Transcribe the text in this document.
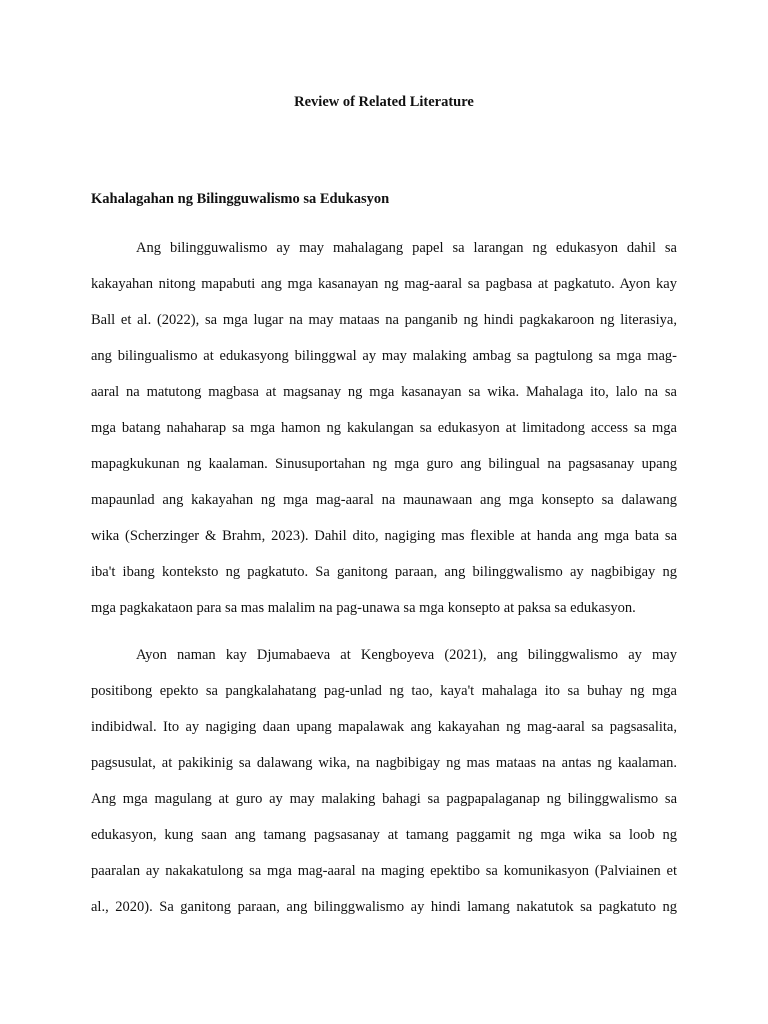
Review of Related Literature
Kahalagahan ng Bilingguwalismo sa Edukasyon
Ang bilingguwalismo ay may mahalagang papel sa larangan ng edukasyon dahil sa
kakayahan nitong mapabuti ang mga kasanayan ng mag-aaral sa pagbasa at pagkatuto. Ayon kay
Ball et al. (2022), sa mga lugar na may mataas na panganib ng hindi pagkakaroon ng literasiya,
ang bilingualismo at edukasyong bilinggwal ay may malaking ambag sa pagtulong sa mga mag-
aaral na matutong magbasa at magsanay ng mga kasanayan sa wika. Mahalaga ito, lalo na sa
mga batang nahaharap sa mga hamon ng kakulangan sa edukasyon at limitadong access sa mga
mapagkukunan ng kaalaman. Sinusuportahan ng mga guro ang bilingual na pagsasanay upang
mapaunlad ang kakayahan ng mga mag-aaral na maunawaan ang mga konsepto sa dalawang
wika (Scherzinger & Brahm, 2023). Dahil dito, nagiging mas flexible at handa ang mga bata sa
iba't ibang konteksto ng pagkatuto. Sa ganitong paraan, ang bilinggwalismo ay nagbibigay ng
mga pagkakataon para sa mas malalim na pag-unawa sa mga konsepto at paksa sa edukasyon.
Ayon naman kay Djumabaeva at Kengboyeva (2021), ang bilinggwalismo ay may
positibong epekto sa pangkalahatang pag-unlad ng tao, kaya't mahalaga ito sa buhay ng mga
indibidwal. Ito ay nagiging daan upang mapalawak ang kakayahan ng mag-aaral sa pagsasalita,
pagsusulat, at pakikinig sa dalawang wika, na nagbibigay ng mas mataas na antas ng kaalaman.
Ang mga magulang at guro ay may malaking bahagi sa pagpapalaganap ng bilinggwalismo sa
edukasyon, kung saan ang tamang pagsasanay at tamang paggamit ng mga wika sa loob ng
paaralan ay nakakatulong sa mga mag-aaral na maging epektibo sa komunikasyon (Palviainen et
al., 2020). Sa ganitong paraan, ang bilinggwalismo ay hindi lamang nakatutok sa pagkatuto ng
